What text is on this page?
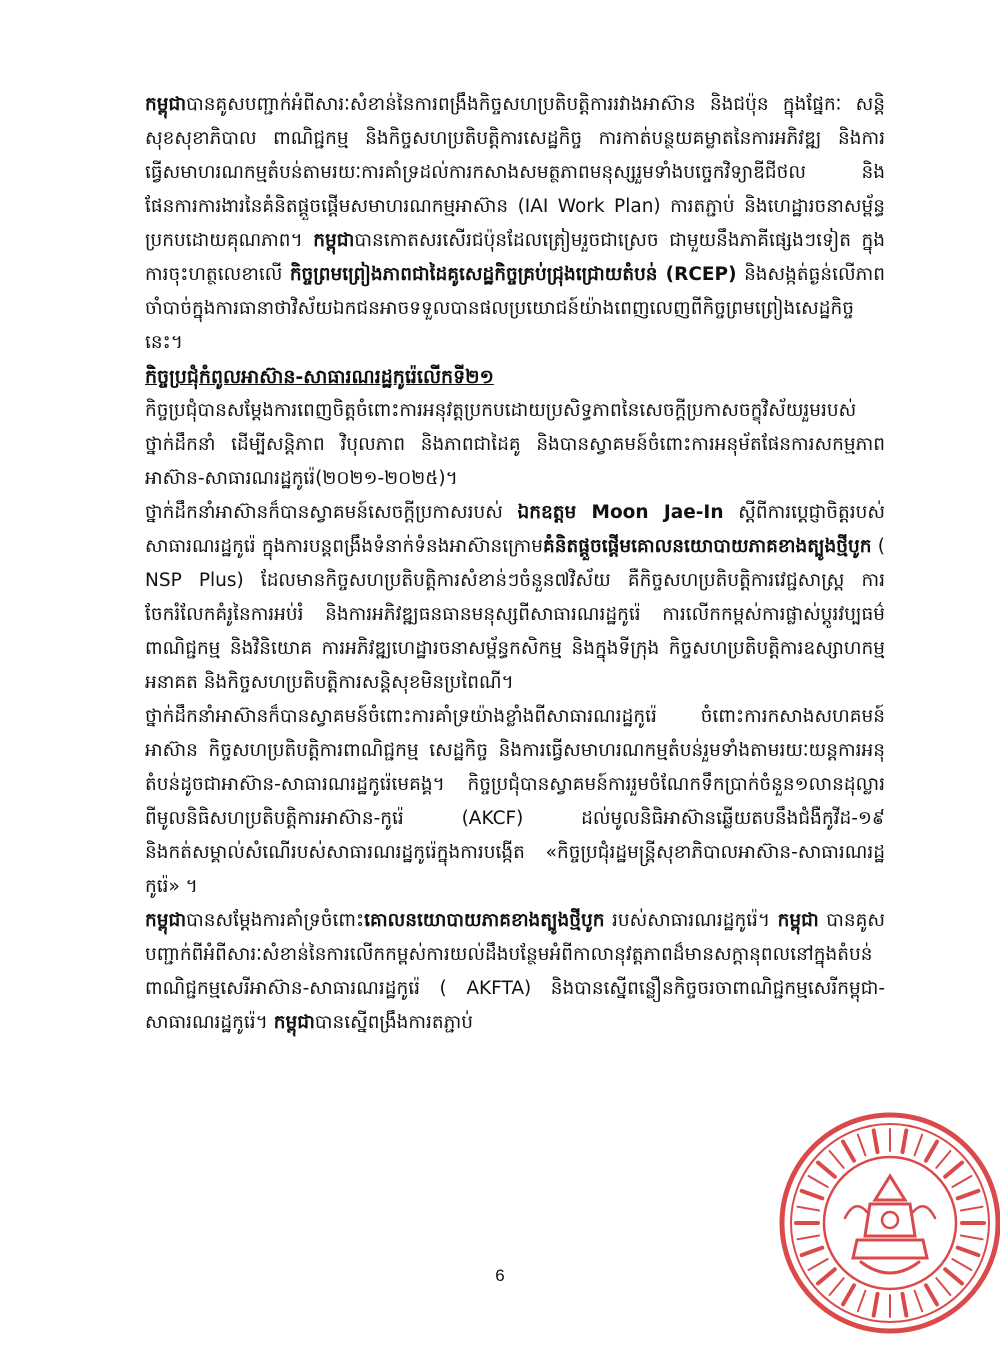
កម្ពុជាបានគូសបញ្ជាក់អំពីសារៈសំខាន់នៃការពង្រឹងកិច្ចសហប្រតិបត្តិការរវាងអាស៊ាន និងជប៉ុន ក្នុងផ្នែកៈ សន្តិសុខសុខាភិបាល ពាណិជ្ជកម្ម និងកិច្ចសហប្រតិបត្តិការសេដ្ឋកិច្ច ការកាត់បន្ថយគម្លាតនៃការអភិវឌ្ឍ និងការធ្វើសមាហរណកម្មតំបន់តាមរយៈការគាំទ្រដល់ការកសាងសមត្ថភាពមនុស្សរួមទាំងបច្ចេកវិទ្យាឌីជីថល និងផែនការការងារនៃគំនិតផ្តួចផ្តើមសមាហរណកម្មអាស៊ាន (IAI Work Plan) ការតភ្ជាប់ និងហេដ្ឋារចនាសម្ព័ន្ធប្រកបដោយគុណភាព។ កម្ពុជាបានកោតសរសើរជប៉ុនដែលត្រៀមរួចជាស្រេច ជាមួយនឹងភាគីផ្សេងៗទៀត ក្នុងការចុះហត្ថលេខាលើ កិច្ចព្រមព្រៀងភាពជាដៃគូសេដ្ឋកិច្ចគ្រប់ជ្រុងជ្រោយតំបន់ (RCEP) និងសង្កត់ធ្ងន់លើភាពចាំបាច់ក្នុងការធានាថាវិស័យឯកជនអាចទទួលបានផលប្រយោជន៍យ៉ាងពេញលេញពីកិច្ចព្រមព្រៀងសេដ្ឋកិច្ចនេះ។

កិច្ចប្រជុំកំពូលអាស៊ាន-សាធារណរដ្ឋកូរ៉េលើកទី២១

កិច្ចប្រជុំបានសម្តែងការពេញចិត្តចំពោះការអនុវត្តប្រកបដោយប្រសិទ្ធភាពនៃសេចក្តីប្រកាសចក្ខុវិស័យរួមរបស់ថ្នាក់ដឹកនាំ ដើម្បីសន្តិភាព វិបុលភាព និងភាពជាដៃគូ និងបានស្វាគមន៍ចំពោះការអនុម័តផែនការសកម្មភាពអាស៊ាន-សាធារណរដ្ឋកូរ៉េ(២០២១-២០២៥)។

ថ្នាក់ដឹកនាំអាស៊ានក៏បានស្វាគមន៍សេចក្តីប្រកាសរបស់ ឯកឧត្តម Moon Jae-In ស្តីពីការប្តេជ្ញាចិត្តរបស់សាធារណរដ្ឋកូរ៉េ ក្នុងការបន្តពង្រឹងទំនាក់ទំនងអាស៊ានក្រោមគំនិតផ្តួចផ្តើមគោលនយោបាយភាគខាងត្បូងថ្មីបូក ( NSP Plus) ដែលមានកិច្ចសហប្រតិបត្តិការសំខាន់ៗចំនួន៧វិស័យ គឺកិច្ចសហប្រតិបត្តិការវេជ្ជសាស្ត្រ ការចែករំលែកគំរូនៃការអប់រំ និងការអភិវឌ្ឍធនធានមនុស្សពីសាធារណរដ្ឋកូរ៉េ ការលើកកម្ពស់ការផ្លាស់ប្តូរវប្បធម៌ ពាណិជ្ជកម្ម និងវិនិយោគ ការអភិវឌ្ឍហេដ្ឋារចនាសម្ព័ន្ធកសិកម្ម និងក្នុងទីក្រុង កិច្ចសហប្រតិបត្តិការឧស្សាហកម្មអនាគត និងកិច្ចសហប្រតិបត្តិការសន្តិសុខមិនប្រពៃណី។

ថ្នាក់ដឹកនាំអាស៊ានក៏បានស្វាគមន៍ចំពោះការគាំទ្រយ៉ាងខ្លាំងពីសាធារណរដ្ឋកូរ៉េ ចំពោះការកសាងសហគមន៍អាស៊ាន កិច្ចសហប្រតិបត្តិការពាណិជ្ជកម្ម សេដ្ឋកិច្ច និងការធ្វើសមាហរណកម្មតំបន់រួមទាំងតាមរយៈយន្តការអនុតំបន់ដូចជាអាស៊ាន-សាធារណរដ្ឋកូរ៉េមេគង្គ។ កិច្ចប្រជុំបានស្វាគមន៍ការរួមចំណែកទឹកប្រាក់ចំនួន១លានដុល្លារ ពីមូលនិធិសហប្រតិបត្តិការអាស៊ាន-កូរ៉េ (AKCF) ដល់មូលនិធិអាស៊ានឆ្លើយតបនឹងជំងឺកូវីដ-១៩ និងកត់សម្គាល់សំណើរបស់សាធារណរដ្ឋកូរ៉េក្នុងការបង្កើត «កិច្ចប្រជុំរដ្ឋមន្ត្រីសុខាភិបាលអាស៊ាន-សាធារណរដ្ឋកូរ៉េ» ។

កម្ពុជាបានសម្តែងការគាំទ្រចំពោះគោលនយោបាយភាគខាងត្បូងថ្មីបូក របស់សាធារណរដ្ឋកូរ៉េ។ កម្ពុជា បានគូសបញ្ជាក់ពីអំពីសារៈសំខាន់នៃការលើកកម្ពស់ការយល់ដឹងបន្ថែមអំពីកាលានុវត្តភាពដ៏មានសក្តានុពលនៅក្នុងតំបន់ពាណិជ្ជកម្មសេរីអាស៊ាន-សាធារណរដ្ឋកូរ៉េ ( AKFTA) និងបានស្នើពន្លឿនកិច្ចចរចាពាណិជ្ជកម្មសេរីកម្ពុជា-សាធារណរដ្ឋកូរ៉េ។ កម្ពុជាបានស្នើពង្រឹងការតភ្ជាប់

6
